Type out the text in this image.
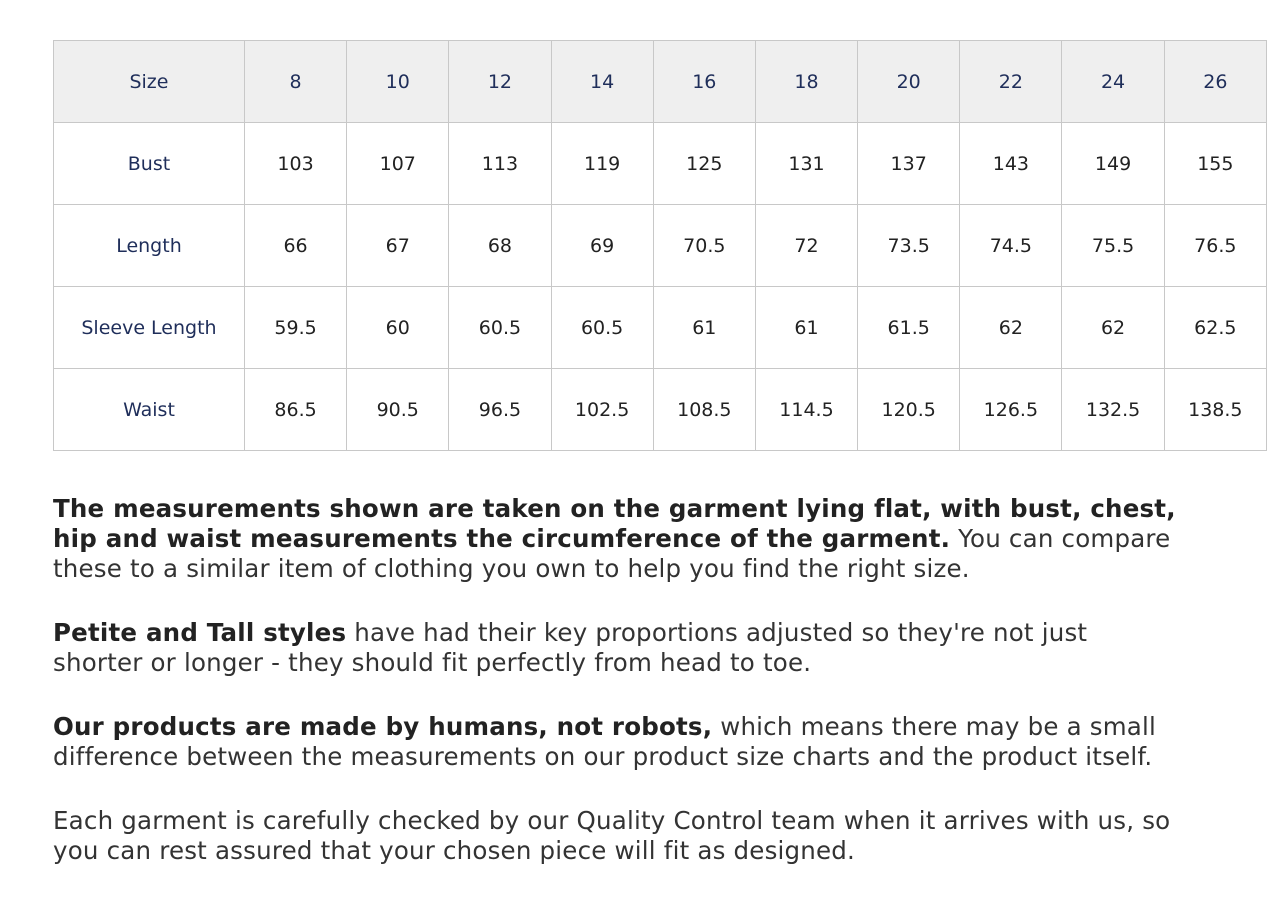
Size	8	10	12	14	16	18	20	22	24	26
Bust	103	107	113	119	125	131	137	143	149	155
Length	66	67	68	69	70.5	72	73.5	74.5	75.5	76.5
Sleeve Length	59.5	60	60.5	60.5	61	61	61.5	62	62	62.5
Waist	86.5	90.5	96.5	102.5	108.5	114.5	120.5	126.5	132.5	138.5

The measurements shown are taken on the garment lying flat, with bust, chest, hip and waist measurements the circumference of the garment. You can compare these to a similar item of clothing you own to help you find the right size.

Petite and Tall styles have had their key proportions adjusted so they're not just shorter or longer - they should fit perfectly from head to toe.

Our products are made by humans, not robots, which means there may be a small difference between the measurements on our product size charts and the product itself.

Each garment is carefully checked by our Quality Control team when it arrives with us, so you can rest assured that your chosen piece will fit as designed.
